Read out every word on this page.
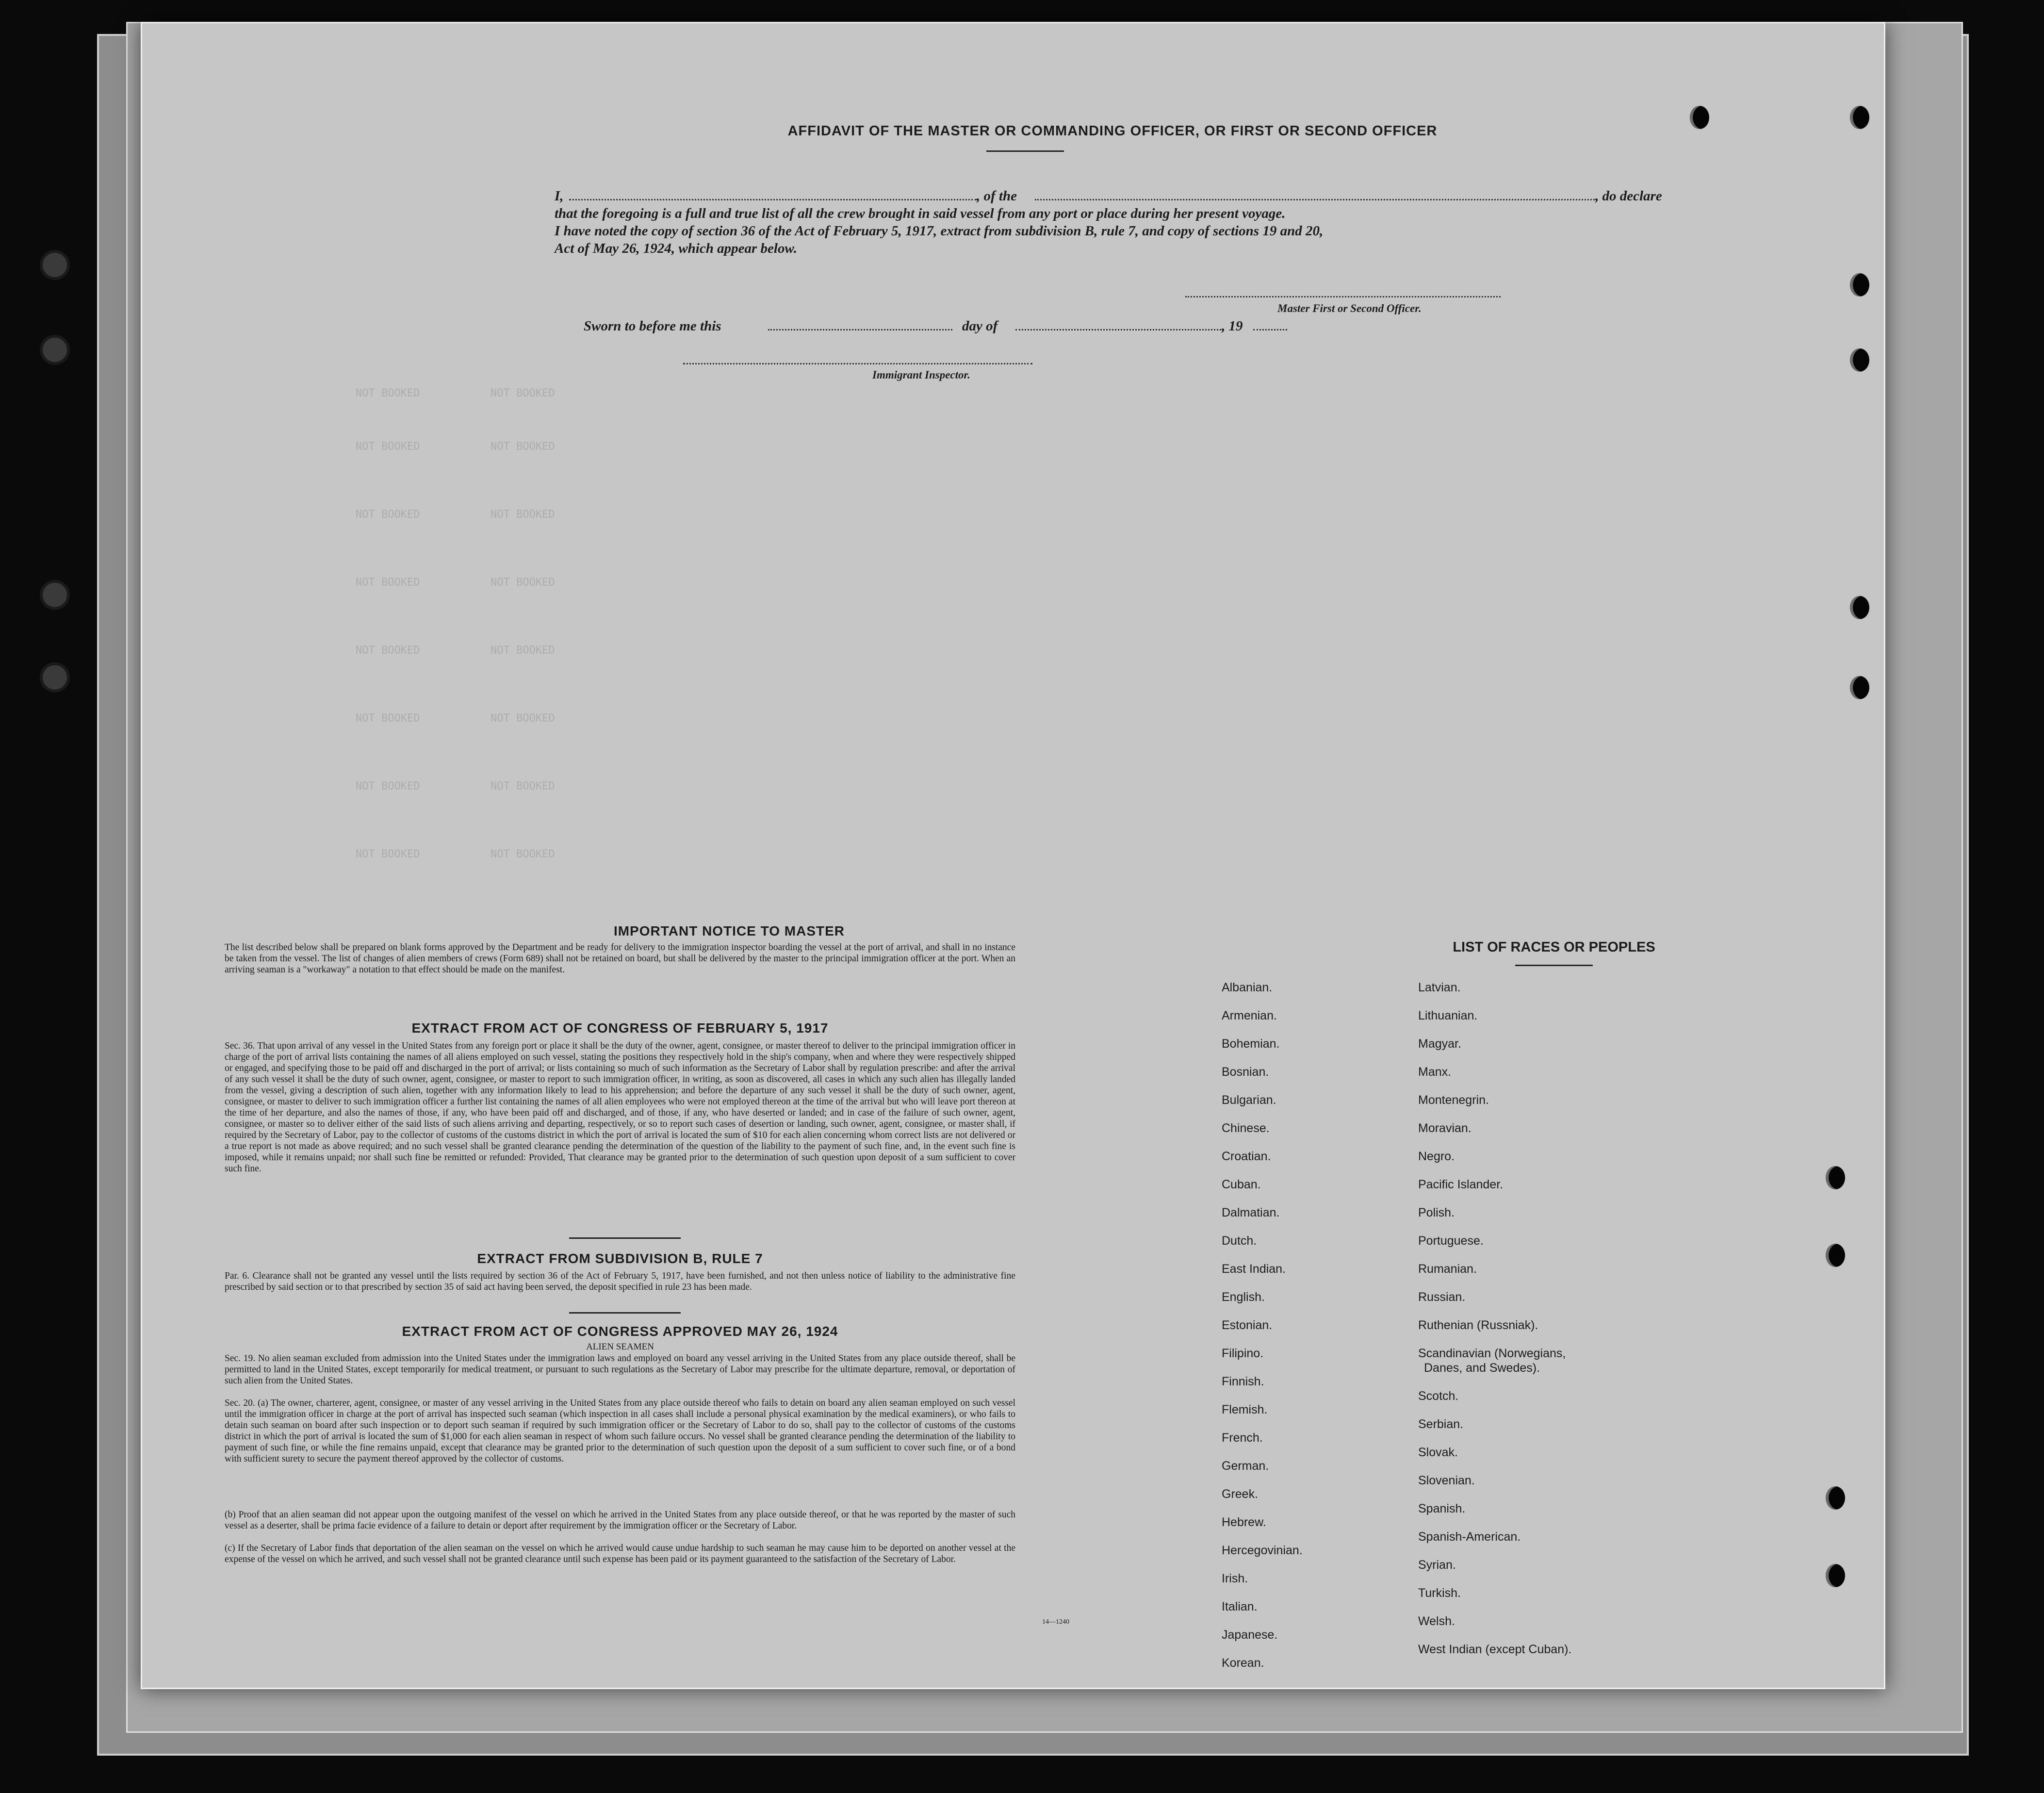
NOT BOOKED           NOT BOOKED
NOT BOOKED           NOT BOOKED
NOT BOOKED           NOT BOOKED
NOT BOOKED           NOT BOOKED
NOT BOOKED           NOT BOOKED
NOT BOOKED           NOT BOOKED
NOT BOOKED           NOT BOOKED
NOT BOOKED           NOT BOOKED
AFFIDAVIT OF THE MASTER OR COMMANDING OFFICER, OR FIRST OR SECOND OFFICER
I,	, of the	, do declare
that the foregoing is a full and true list of all the crew brought in said vessel from any port or place during her present voyage.
I have noted the copy of section 36 of the Act of February 5, 1917, extract from subdivision B, rule 7, and copy of sections 19 and 20,
Act of May 26, 1924, which appear below.
Master First or Second Officer.
Sworn to before me this	day of	, 19
Immigrant Inspector.
IMPORTANT NOTICE TO MASTER
The list described below shall be prepared on blank forms approved by the Department and be ready for delivery to the immigration inspector boarding the vessel at the port of arrival, and shall in no instance be taken from the vessel. The list of changes of alien members of crews (Form 689) shall not be retained on board, but shall be delivered by the master to the principal immigration officer at the port. When an arriving seaman is a "workaway" a notation to that effect should be made on the manifest.
EXTRACT FROM ACT OF CONGRESS OF FEBRUARY 5, 1917
Sec. 36. That upon arrival of any vessel in the United States from any foreign port or place it shall be the duty of the owner, agent, consignee, or master thereof to deliver to the principal immigration officer in charge of the port of arrival lists containing the names of all aliens employed on such vessel, stating the positions they respectively hold in the ship's company, when and where they were respectively shipped or engaged, and specifying those to be paid off and discharged in the port of arrival; or lists containing so much of such information as the Secretary of Labor shall by regulation prescribe: and after the arrival of any such vessel it shall be the duty of such owner, agent, consignee, or master to report to such immigration officer, in writing, as soon as discovered, all cases in which any such alien has illegally landed from the vessel, giving a description of such alien, together with any information likely to lead to his apprehension; and before the departure of any such vessel it shall be the duty of such owner, agent, consignee, or master to deliver to such immigration officer a further list containing the names of all alien employees who were not employed thereon at the time of the arrival but who will leave port thereon at the time of her departure, and also the names of those, if any, who have been paid off and discharged, and of those, if any, who have deserted or landed; and in case of the failure of such owner, agent, consignee, or master so to deliver either of the said lists of such aliens arriving and departing, respectively, or so to report such cases of desertion or landing, such owner, agent, consignee, or master shall, if required by the Secretary of Labor, pay to the collector of customs of the customs district in which the port of arrival is located the sum of $10 for each alien concerning whom correct lists are not delivered or a true report is not made as above required; and no such vessel shall be granted clearance pending the determination of the question of the liability to the payment of such fine, and, in the event such fine is imposed, while it remains unpaid; nor shall such fine be remitted or refunded: Provided, That clearance may be granted prior to the determination of such question upon deposit of a sum sufficient to cover such fine.
EXTRACT FROM SUBDIVISION B, RULE 7
Par. 6. Clearance shall not be granted any vessel until the lists required by section 36 of the Act of February 5, 1917, have been furnished, and not then unless notice of liability to the administrative fine prescribed by said section or to that prescribed by section 35 of said act having been served, the deposit specified in rule 23 has been made.
EXTRACT FROM ACT OF CONGRESS APPROVED MAY 26, 1924
ALIEN SEAMEN
Sec. 19. No alien seaman excluded from admission into the United States under the immigration laws and employed on board any vessel arriving in the United States from any place outside thereof, shall be permitted to land in the United States, except temporarily for medical treatment, or pursuant to such regulations as the Secretary of Labor may prescribe for the ultimate departure, removal, or deportation of such alien from the United States.
Sec. 20. (a) The owner, charterer, agent, consignee, or master of any vessel arriving in the United States from any place outside thereof who fails to detain on board any alien seaman employed on such vessel until the immigration officer in charge at the port of arrival has inspected such seaman (which inspection in all cases shall include a personal physical examination by the medical examiners), or who fails to detain such seaman on board after such inspection or to deport such seaman if required by such immigration officer or the Secretary of Labor to do so, shall pay to the collector of customs of the customs district in which the port of arrival is located the sum of $1,000 for each alien seaman in respect of whom such failure occurs. No vessel shall be granted clearance pending the determination of the liability to payment of such fine, or while the fine remains unpaid, except that clearance may be granted prior to the determination of such question upon the deposit of a sum sufficient to cover such fine, or of a bond with sufficient surety to secure the payment thereof approved by the collector of customs.
(b) Proof that an alien seaman did not appear upon the outgoing manifest of the vessel on which he arrived in the United States from any place outside thereof, or that he was reported by the master of such vessel as a deserter, shall be prima facie evidence of a failure to detain or deport after requirement by the immigration officer or the Secretary of Labor.
(c) If the Secretary of Labor finds that deportation of the alien seaman on the vessel on which he arrived would cause undue hardship to such seaman he may cause him to be deported on another vessel at the expense of the vessel on which he arrived, and such vessel shall not be granted clearance until such expense has been paid or its payment guaranteed to the satisfaction of the Secretary of Labor.
14—1240
LIST OF RACES OR PEOPLES
Albanian.
Armenian.
Bohemian.
Bosnian.
Bulgarian.
Chinese.
Croatian.
Cuban.
Dalmatian.
Dutch.
East Indian.
English.
Estonian.
Filipino.
Finnish.
Flemish.
French.
German.
Greek.
Hebrew.
Hercegovinian.
Irish.
Italian.
Japanese.
Korean.
Latvian.
Lithuanian.
Magyar.
Manx.
Montenegrin.
Moravian.
Negro.
Pacific Islander.
Polish.
Portuguese.
Rumanian.
Russian.
Ruthenian (Russniak).
Scandinavian (Norwegians,
Danes, and Swedes).
Scotch.
Serbian.
Slovak.
Slovenian.
Spanish.
Spanish-American.
Syrian.
Turkish.
Welsh.
West Indian (except Cuban).
